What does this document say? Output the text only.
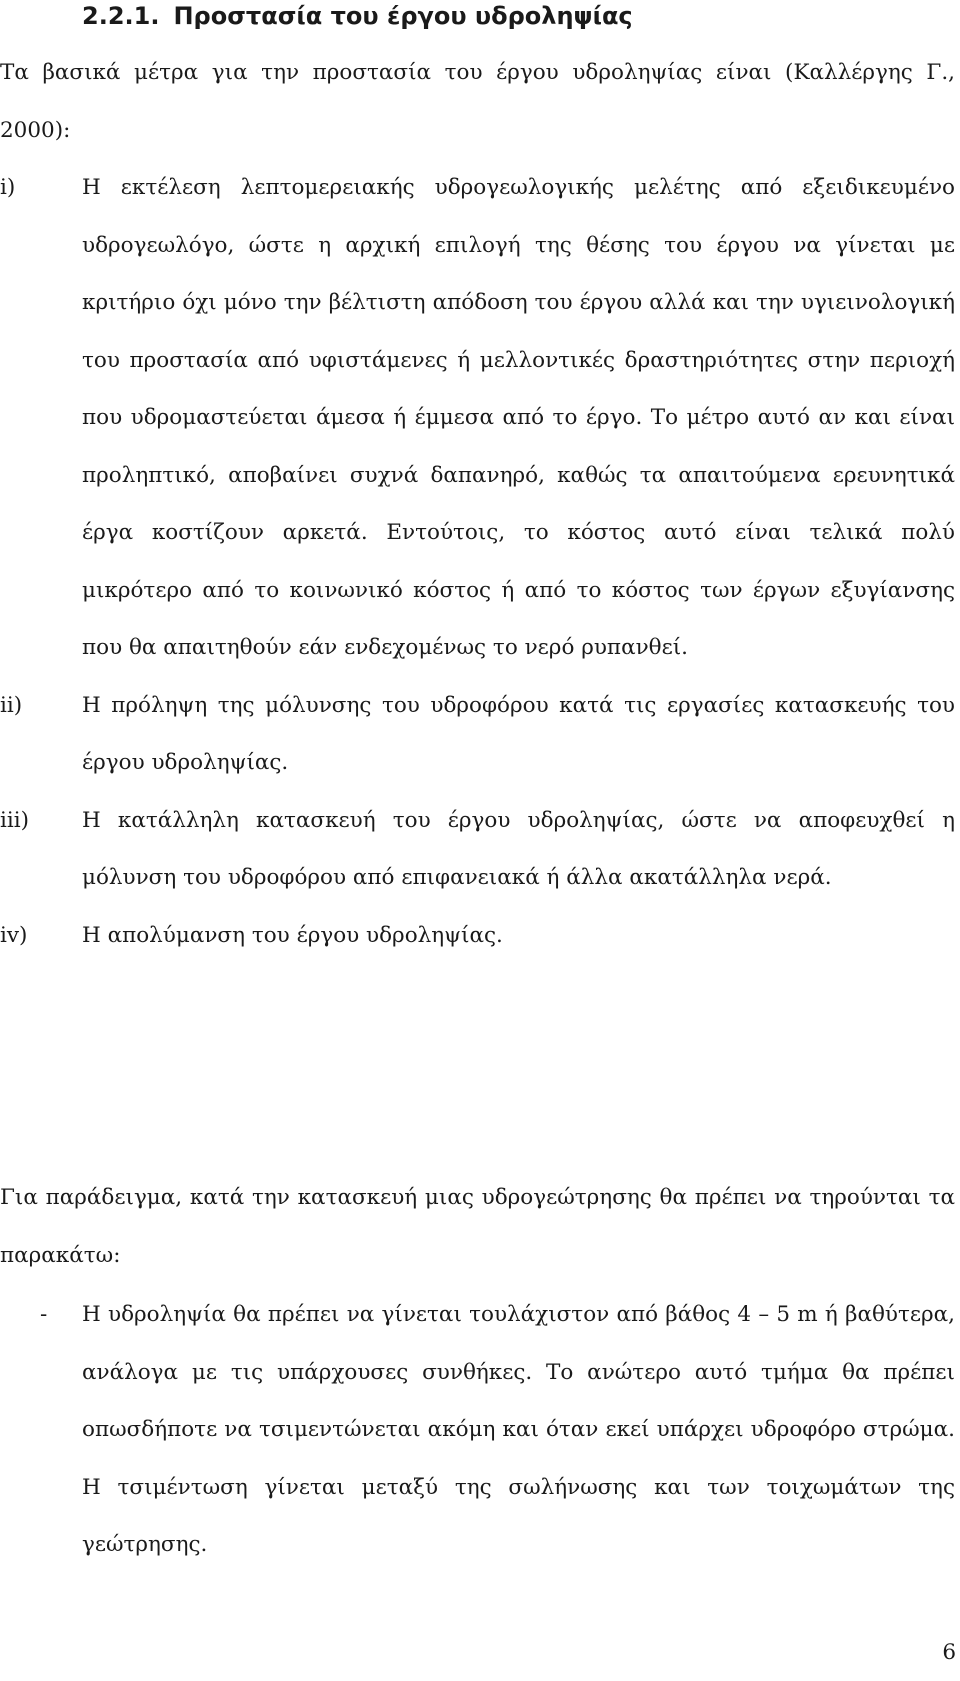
2.2.1. Προστασία του έργου υδροληψίας

Τα βασικά μέτρα για την προστασία του έργου υδροληψίας είναι (Καλλέργης Γ., 2000):

i)	Η εκτέλεση λεπτομερειακής υδρογεωλογικής μελέτης από εξειδικευμένο υδρογεωλόγο, ώστε η αρχική επιλογή της θέσης του έργου να γίνεται με κριτήριο όχι μόνο την βέλτιστη απόδοση του έργου αλλά και την υγιεινολογική του προστασία από υφιστάμενες ή μελλοντικές δραστηριότητες στην περιοχή που υδρομαστεύεται άμεσα ή έμμεσα από το έργο. Το μέτρο αυτό αν και είναι προληπτικό, αποβαίνει συχνά δαπανηρό, καθώς τα απαιτούμενα ερευνητικά έργα κοστίζουν αρκετά. Εντούτοις, το κόστος αυτό είναι τελικά πολύ μικρότερο από το κοινωνικό κόστος ή από το κόστος των έργων εξυγίανσης που θα απαιτηθούν εάν ενδεχομένως το νερό ρυπανθεί.
ii)	Η πρόληψη της μόλυνσης του υδροφόρου κατά τις εργασίες κατασκευής του έργου υδροληψίας.
iii)	Η κατάλληλη κατασκευή του έργου υδροληψίας, ώστε να αποφευχθεί η μόλυνση του υδροφόρου από επιφανειακά ή άλλα ακατάλληλα νερά.
iv)	Η απολύμανση του έργου υδροληψίας.

Για παράδειγμα, κατά την κατασκευή μιας υδρογεώτρησης θα πρέπει να τηρούνται τα παρακάτω:

-	Η υδροληψία θα πρέπει να γίνεται τουλάχιστον από βάθος 4 – 5 m ή βαθύτερα, ανάλογα με τις υπάρχουσες συνθήκες. Το ανώτερο αυτό τμήμα θα πρέπει οπωσδήποτε να τσιμεντώνεται ακόμη και όταν εκεί υπάρχει υδροφόρο στρώμα. Η τσιμέντωση γίνεται μεταξύ της σωλήνωσης και των τοιχωμάτων της γεώτρησης.
6
